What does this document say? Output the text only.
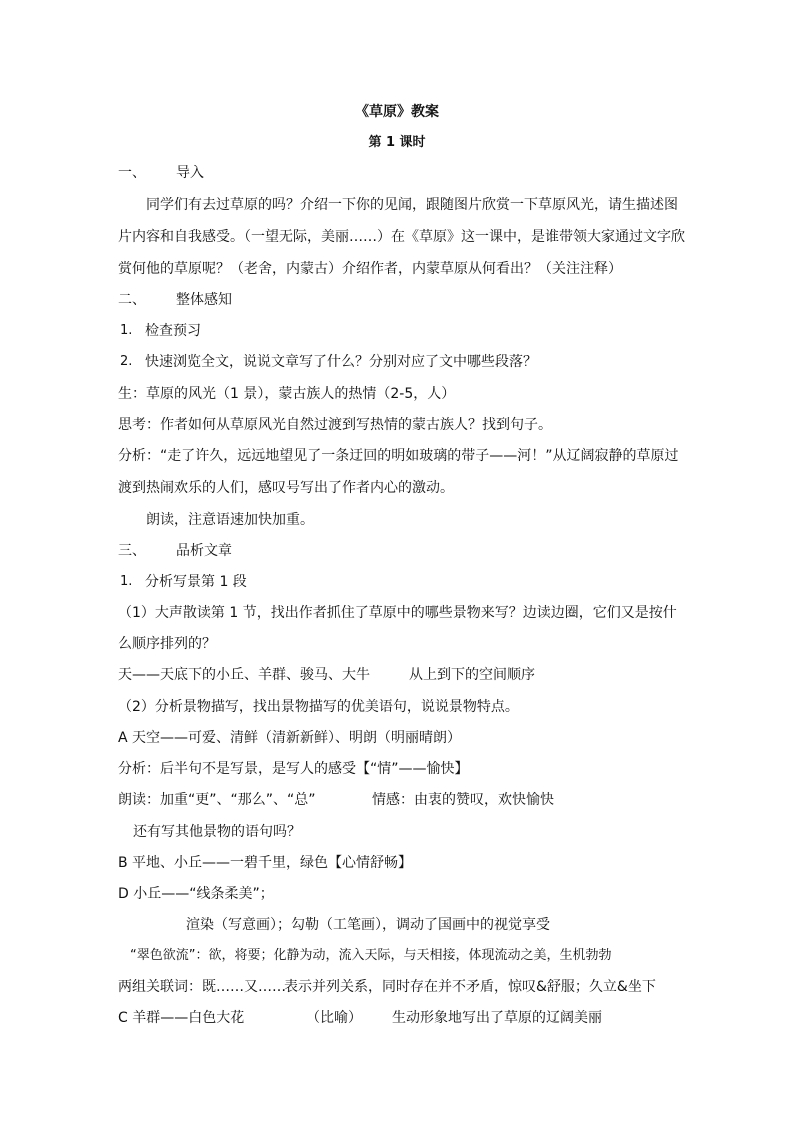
《草原》教案
第 1 课时
一、 导入
同学们有去过草原的吗？介绍一下你的见闻，跟随图片欣赏一下草原风光，请生描述图
片内容和自我感受。（一望无际，美丽……）在《草原》这一课中，是谁带领大家通过文字欣
赏何他的草原呢？（老舍，内蒙古）介绍作者，内蒙草原从何看出？（关注注释）
二、 整体感知
1. 检查预习
2. 快速浏览全文，说说文章写了什么？分别对应了文中哪些段落？
生：草原的风光（1 景），蒙古族人的热情（2-5，人）
思考：作者如何从草原风光自然过渡到写热情的蒙古族人？找到句子。
分析：“走了许久，远远地望见了一条迂回的明如玻璃的带子——河！”从辽阔寂静的草原过
渡到热闹欢乐的人们，感叹号写出了作者内心的激动。
朗读，注意语速加快加重。
三、 品析文章
1. 分析写景第 1 段
（1）大声散读第 1 节，找出作者抓住了草原中的哪些景物来写？边读边圈，它们又是按什
么顺序排列的？
天——天底下的小丘、羊群、骏马、大牛	从上到下的空间顺序
（2）分析景物描写，找出景物描写的优美语句，说说景物特点。
A 天空——可爱、清鲜（清新新鲜）、明朗（明丽晴朗）
分析：后半句不是写景，是写人的感受【“情”——愉快】
朗读：加重“更”、“那么”、“总”	情感：由衷的赞叹，欢快愉快
还有写其他景物的语句吗？
B 平地、小丘——一碧千里，绿色【心情舒畅】
D 小丘——“线条柔美”；
渲染（写意画）；勾勒（工笔画），调动了国画中的视觉享受
“翠色欲流”：欲，将要；化静为动，流入天际，与天相接，体现流动之美，生机勃勃
两组关联词：既……又……
表示并列关系，同时存在并不矛盾，惊叹&舒服；久立&坐下
C 羊群——白色大花	（比喻） 生动形象地写出了草原的辽阔美丽
